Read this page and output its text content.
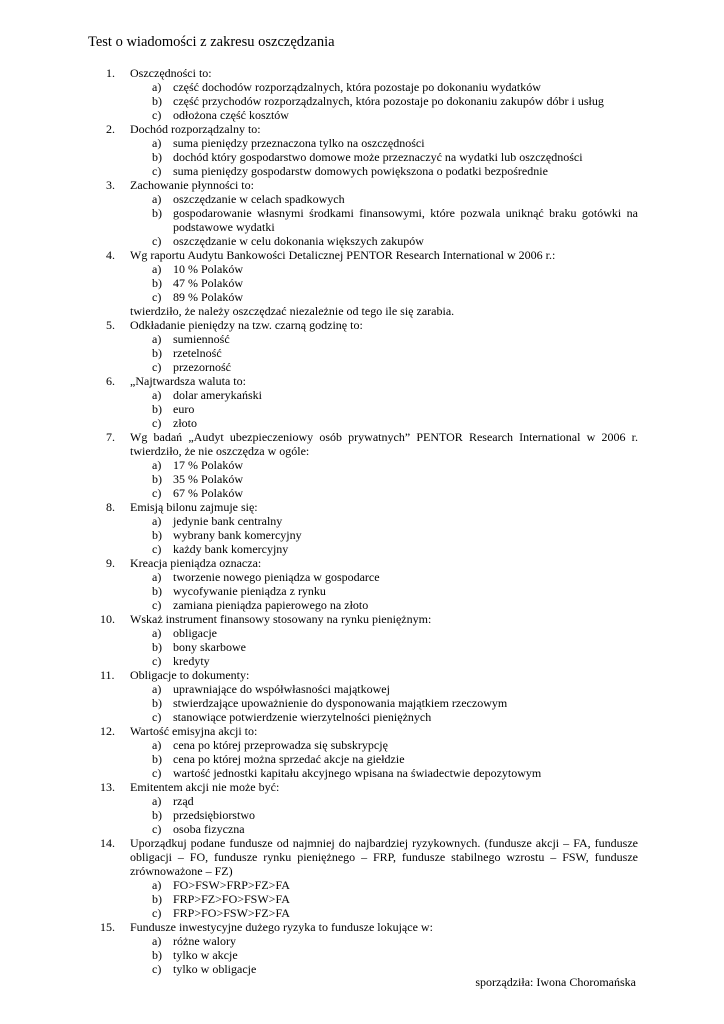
Test o wiadomości z zakresu oszczędzania
1. Oszczędności to:
a) część dochodów rozporządzalnych, która pozostaje po dokonaniu wydatków
b) część przychodów rozporządzalnych, która pozostaje po dokonaniu zakupów dóbr i usług
c) odłożona część kosztów
2. Dochód rozporządzalny to:
a) suma pieniędzy przeznaczona tylko na oszczędności
b) dochód który gospodarstwo domowe może przeznaczyć na wydatki lub oszczędności
c) suma pieniędzy gospodarstw domowych powiększona o podatki bezpośrednie
3. Zachowanie płynności to:
a) oszczędzanie w celach spadkowych
b) gospodarowanie własnymi środkami finansowymi, które pozwala uniknąć braku gotówki na podstawowe wydatki
c) oszczędzanie w celu dokonania większych zakupów
4. Wg raportu Audytu Bankowości Detalicznej PENTOR Research International w 2006 r.:
a) 10 % Polaków
b) 47 % Polaków
c) 89 % Polaków
twierdziło, że należy oszczędzać niezależnie od tego ile się zarabia.
5. Odkładanie pieniędzy na tzw. czarną godzinę to:
a) sumienność
b) rzetelność
c) przezorność
6. „Najtwardsza waluta to:
a) dolar amerykański
b) euro
c) złoto
7. Wg badań „Audyt ubezpieczeniowy osób prywatnych” PENTOR Research International w 2006 r. twierdziło, że nie oszczędza w ogóle:
a) 17 % Polaków
b) 35 % Polaków
c) 67 % Polaków
8. Emisją bilonu zajmuje się:
a) jedynie bank centralny
b) wybrany bank komercyjny
c) każdy bank komercyjny
9. Kreacja pieniądza oznacza:
a) tworzenie nowego pieniądza w gospodarce
b) wycofywanie pieniądza z rynku
c) zamiana pieniądza papierowego na złoto
10. Wskaż instrument finansowy stosowany na rynku pieniężnym:
a) obligacje
b) bony skarbowe
c) kredyty
11. Obligacje to dokumenty:
a) uprawniające do współwłasności majątkowej
b) stwierdzające upoważnienie do dysponowania majątkiem rzeczowym
c) stanowiące potwierdzenie wierzytelności pieniężnych
12. Wartość emisyjna akcji to:
a) cena po której przeprowadza się subskrypcję
b) cena po której można sprzedać akcje na giełdzie
c) wartość jednostki kapitału akcyjnego wpisana na świadectwie depozytowym
13. Emitentem akcji nie może być:
a) rząd
b) przedsiębiorstwo
c) osoba fizyczna
14. Uporządkuj podane fundusze od najmniej do najbardziej ryzykownych. (fundusze akcji – FA, fundusze obligacji – FO, fundusze rynku pieniężnego – FRP, fundusze stabilnego wzrostu – FSW, fundusze zrównoważone – FZ)
a) FO>FSW>FRP>FZ>FA
b) FRP>FZ>FO>FSW>FA
c) FRP>FO>FSW>FZ>FA
15. Fundusze inwestycyjne dużego ryzyka to fundusze lokujące w:
a) różne walory
b) tylko w akcje
c) tylko w obligacje
sporządziła: Iwona Choromańska
